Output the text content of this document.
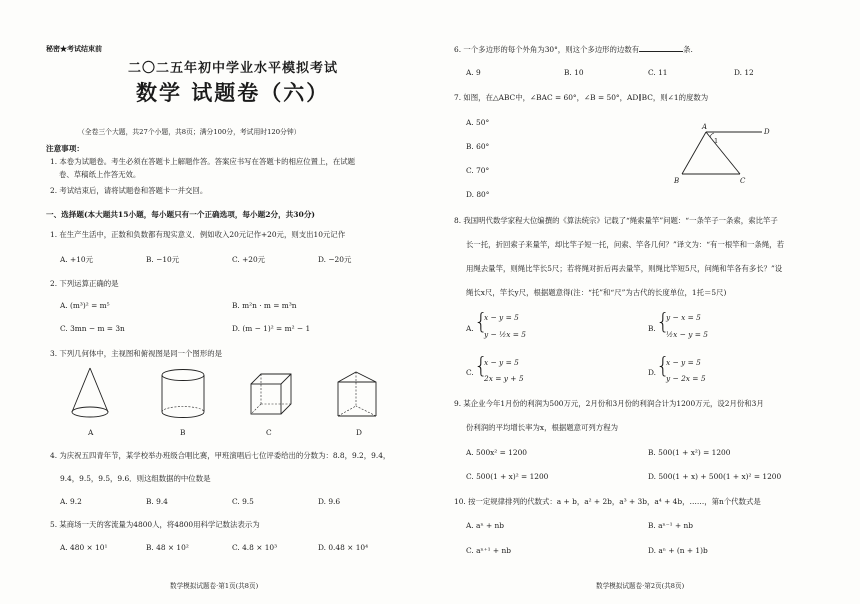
秘密★考试结束前
二〇二五年初中学业水平模拟考试
数学 试题卷（六）
（全卷三个大题，共27个小题，共8页；满分100分，考试用时120分钟）
注意事项：
1. 本卷为试题卷。考生必须在答题卡上解题作答。答案应书写在答题卡的相应位置上，在试题
卷、草稿纸上作答无效。
2. 考试结束后，请将试题卷和答题卡一并交回。
一、选择题(本大题共15小题，每小题只有一个正确选项，每小题2分，共30分)
1. 在生产生活中，正数和负数都有现实意义．例如收入20元记作+20元，则支出10元记作
A. +10元	B. −10元	C. +20元	D. −20元
2. 下列运算正确的是
A. (m³)² = m⁵	B. m²n · m = m³n
C. 3mn − m = 3n	D. (m − 1)² = m² − 1
3. 下列几何体中，主视图和俯视图是同一个图形的是
A	B	C	D
4. 为庆祝五四青年节，某学校举办班级合唱比赛，甲班演唱后七位评委给出的分数为：8.8，9.2，9.4，
9.4，9.5，9.5，9.6．则这组数据的中位数是
A. 9.2	B. 9.4	C. 9.5	D. 9.6
5. 某商场一天的客流量为4800人，将4800用科学记数法表示为
A. 480 × 10¹	B. 48 × 10²	C. 4.8 × 10³	D. 0.48 × 10⁴
数学模拟试题卷·第1页(共8页)
6. 一个多边形的每个外角为30°，则这个多边形的边数有	条.
A. 9	B. 10	C. 11	D. 12
7. 如图，在△ABC中，∠BAC = 60°，∠B = 50°，AD∥BC，则∠1的度数为
A. 50°
B. 60°
C. 70°
D. 80°
A
D
1
B	C
8. 我国明代数学家程大位编撰的《算法统宗》记载了“绳索量竿”问题：“一条竿子一条索，索比竿子
长一托，折回索子来量竿，却比竿子短一托，问索、竿各几何？”译文为：“有一根竿和一条绳，若
用绳去量竿，则绳比竿长5尺；若将绳对折后再去量竿，则绳比竿短5尺，问绳和竿各有多长？”设
绳长x尺，竿长y尺，根据题意得(注：“托”和“尺”为古代的长度单位，1托＝5尺)
A. {
x − y = 5
y − ½x = 5
B. {
y − x = 5
½x − y = 5
C. {
x − y = 5
2x = y + 5
D. {
x − y = 5
y − 2x = 5
9. 某企业今年1月份的利润为500万元，2月份和3月份的利润合计为1200万元，设2月份和3月
份利润的平均增长率为x，根据题意可列方程为
A. 500x² = 1200	B. 500(1 + x²) = 1200
C. 500(1 + x)² = 1200	D. 500(1 + x) + 500(1 + x)² = 1200
10. 按一定规律排列的代数式：a + b，a² + 2b，a³ + 3b，a⁴ + 4b，……，第n个代数式是
A. aⁿ + nb	B. aⁿ⁻¹ + nb
C. aⁿ⁺¹ + nb	D. aⁿ + (n + 1)b
数学模拟试题卷·第2页(共8页)
